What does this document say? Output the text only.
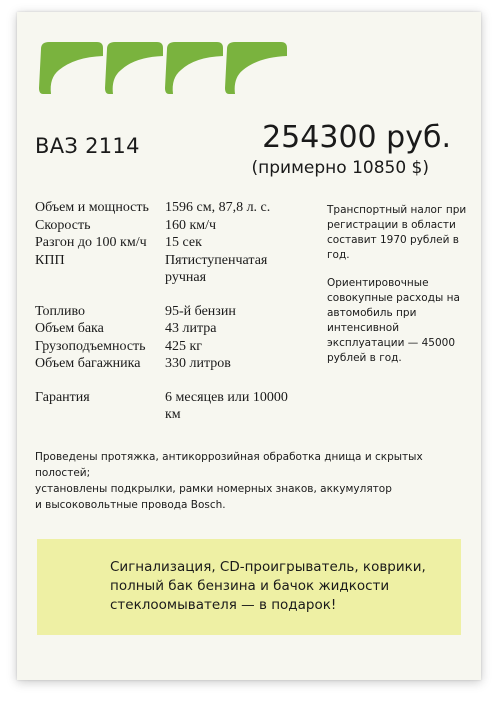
ВАЗ 2114	254300 руб.
(примерно 10850 $)
Объем и мощность	1596 см, 87,8 л. с.
Скорость	160 км/ч
Разгон до 100 км/ч	15 сек
КПП	Пятиступенчатая ручная
Топливо	95-й бензин
Объем бака	43 литра
Грузоподъемность	425 кг
Объем багажника	330 литров
Гарантия	6 месяцев или 10000 км

Транспортный налог при регистрации в области составит 1970 рублей в год.

Ориентировочные совокупные расходы на автомобиль при интенсивной эксплуатации — 45000 рублей в год.

Проведены протяжка, антикоррозийная обработка днища и скрытых полостей;
установлены подкрылки, рамки номерных знаков, аккумулятор
и высоковольтные провода Bosch.
Сигнализация, CD-проигрыватель, коврики,
полный бак бензина и бачок жидкости
стеклоомывателя — в подарок!
